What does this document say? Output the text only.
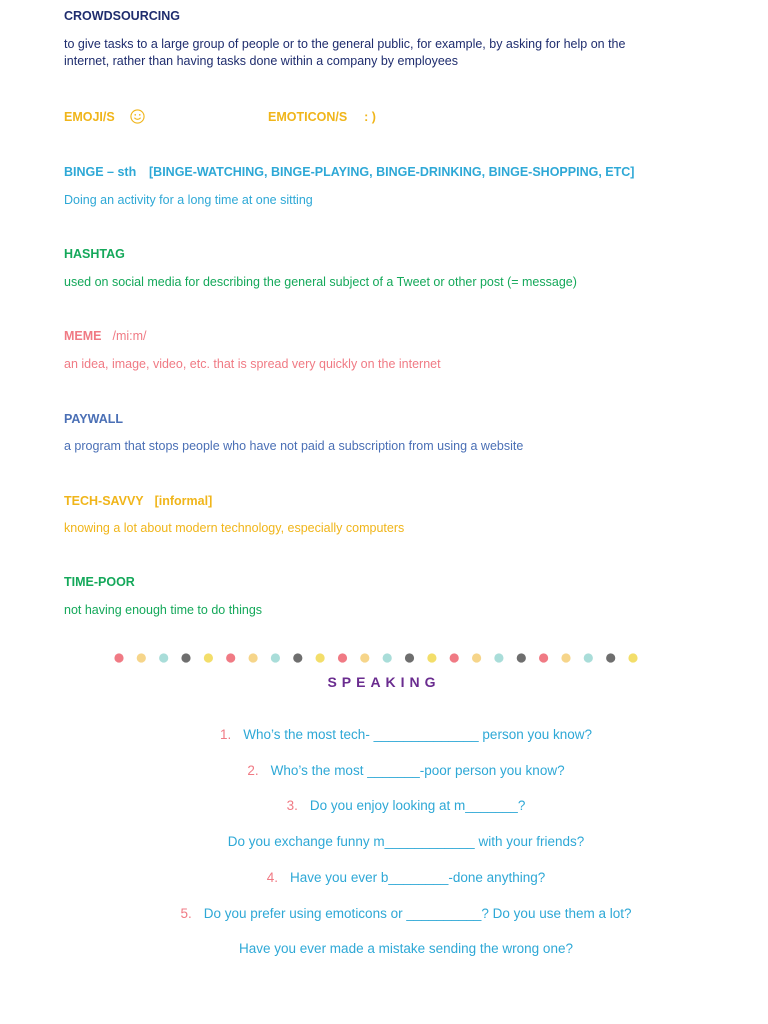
CROWDSOURCING
to give tasks to a large group of people or to the general public, for example, by asking for help on the
internet, rather than having tasks done within a company by employees
EMOJI/S	EMOTICON/S : )
BINGE – sth [BINGE-WATCHING, BINGE-PLAYING, BINGE-DRINKING, BINGE-SHOPPING, ETC]
Doing an activity for a long time at one sitting
HASHTAG
used on social media for describing the general subject of a Tweet or other post (= message)
MEME /mi:m/
an idea, image, video, etc. that is spread very quickly on the internet
PAYWALL
a program that stops people who have not paid a subscription from using a website
TECH-SAVVY [informal]
knowing a lot about modern technology, especially computers
TIME-POOR
not having enough time to do things
SPEAKING
1. Who’s the most tech- ______________ person you know?
2. Who’s the most _______-poor person you know?
3. Do you enjoy looking at m_______?
Do you exchange funny m____________ with your friends?
4. Have you ever b________-done anything?
5. Do you prefer using emoticons or __________? Do you use them a lot?
Have you ever made a mistake sending the wrong one?
